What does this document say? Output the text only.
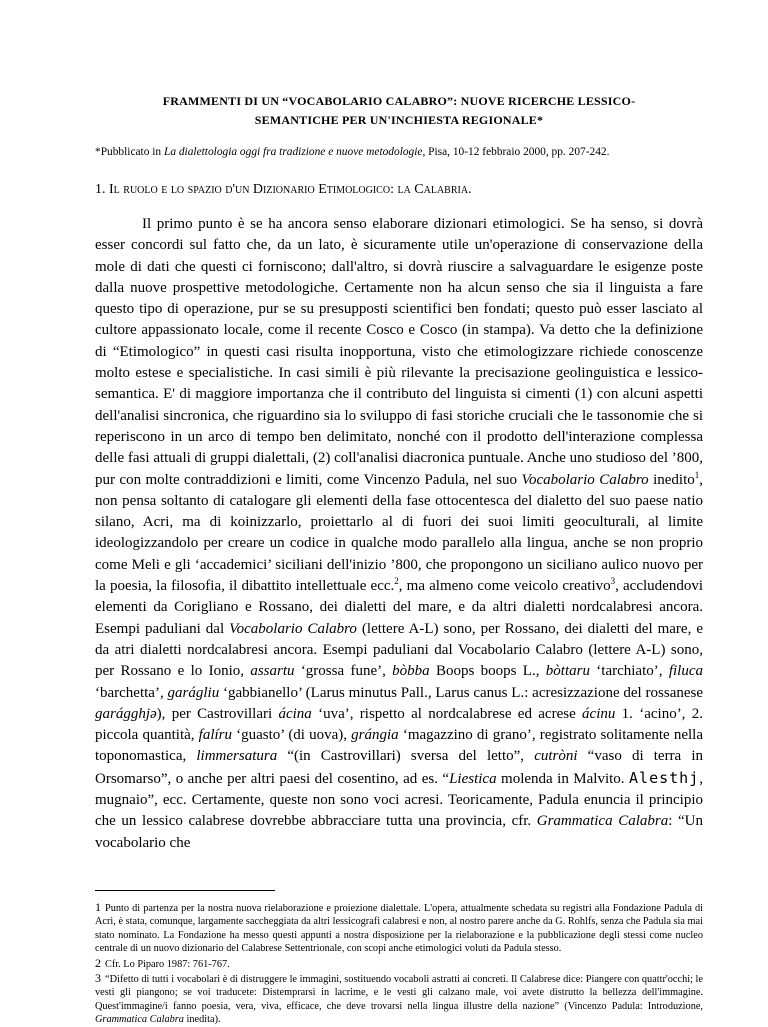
FRAMMENTI DI UN “VOCABOLARIO CALABRO”: NUOVE RICERCHE LESSICO-
SEMANTICHE PER UN'INCHIESTA REGIONALE*
*Pubblicato in La dialettologia oggi fra tradizione e nuove metodologie, Pisa, 10-12 febbraio 2000, pp. 207-242.
1. Il ruolo e lo spazio d'un Dizionario Etimologico: la Calabria.

Il primo punto è se ha ancora senso elaborare dizionari etimologici. Se ha senso, si dovrà esser concordi sul fatto che, da un lato, è sicuramente utile un'operazione di conservazione della mole di dati che questi ci forniscono; dall'altro, si dovrà riuscire a salvaguardare le esigenze poste dalla nuove prospettive metodologiche. Certamente non ha alcun senso che sia il linguista a fare questo tipo di operazione, pur se su presupposti scientifici ben fondati; questo può esser lasciato al cultore appassionato locale, come il recente Cosco e Cosco (in stampa). Va detto che la definizione di “Etimologico” in questi casi risulta inopportuna, visto che etimologizzare richiede conoscenze molto estese e specialistiche. In casi simili è più rilevante la precisazione geolinguistica e lessico-semantica. E' di maggiore importanza che il contributo del linguista si cimenti (1) con alcuni aspetti dell'analisi sincronica, che riguardino sia lo sviluppo di fasi storiche cruciali che le tassonomie che si reperiscono in un arco di tempo ben delimitato, nonché con il prodotto dell'interazione complessa delle fasi attuali di gruppi dialettali, (2) coll'analisi diacronica puntuale. Anche uno studioso del ’800, pur con molte contraddizioni e limiti, come Vincenzo Padula, nel suo Vocabolario Calabro inedito$^1$, non pensa soltanto di catalogare gli elementi della fase ottocentesca del dialetto del suo paese natio silano, Acri, ma di koinizzarlo, proiettarlo al di fuori dei suoi limiti geoculturali, al limite ideologizzandolo per creare un codice in qualche modo parallelo alla lingua, anche se non proprio come Meli e gli ‘accademici’ siciliani dell'inizio ’800, che propongono un siciliano aulico nuovo per la poesia, la filosofia, il dibattito intellettuale ecc.$^2$, ma almeno come veicolo creativo$^3$, accludendovi elementi da Corigliano e Rossano, dei dialetti del mare, e da altri dialetti nordcalabresi ancora. Esempi paduliani dal Vocabolario Calabro (lettere A-L) sono, per Rossano, dei dialetti del mare, e da atri dialetti nordcalabresi ancora. Esempi paduliani dal Vocabolario Calabro (lettere A-L) sono, per Rossano e lo Ionio, assartu ‘grossa fune’, bòbba Boops boops L., bòttaru ‘tarchiato’, filuca ‘barchetta’, garágliu ‘gabbianello’ (Larus minutus Pall., Larus canus L.: acresizzazione del rossanese garágghjə), per Castrovillari ácina ‘uva’, rispetto al nordcalabrese ed acrese ácinu 1. ‘acino’, 2. piccola quantità, falíru ‘guasto’ (di uova), grángia ‘magazzino di grano’, registrato solitamente nella toponomastica, limmersatura “(in Castrovillari) sversa del letto”, cutròni “vaso di terra in Orsomarso”, o anche per altri paesi del cosentino, ad es. “Liestica molenda in Malvito. Alesthj, mugnaio”, ecc. Certamente, queste non sono voci acresi. Teoricamente, Padula enuncia il principio che un lessico calabrese dovrebbe abbracciare tutta una provincia, cfr. Grammatica Calabra: “Un vocabolario che

1 Punto di partenza per la nostra nuova rielaborazione e proiezione dialettale. L'opera, attualmente schedata su registri alla Fondazione Padula di Acri, è stata, comunque, largamente saccheggiata da altri lessicografi calabresi e non, al nostro parere anche da G. Rohlfs, senza che Padula sia mai stato nominato. La Fondazione ha messo questi appunti a nostra disposizione per la rielaborazione e la pubblicazione degli stessi come nucleo centrale di un nuovo dizionario del Calabrese Settentrionale, con scopi anche etimologici voluti da Padula stesso.
2 Cfr. Lo Piparo 1987: 761-767.
3 “Difetto di tutti i vocabolari è di distruggere le immagini, sostituendo vocaboli astratti ai concreti. Il Calabrese dice: Piangere con quattr'occhi; le vesti gli piangono; se voi traducete: Distemprarsi in lacrime, e le vesti gli calzano male, voi avete distrutto la bellezza dell'immagine. Quest'immagine/i fanno poesia, vera, viva, efficace, che deve trovarsi nella lingua illustre della nazione” (Vincenzo Padula: Introduzione, Grammatica Calabra inedita).
